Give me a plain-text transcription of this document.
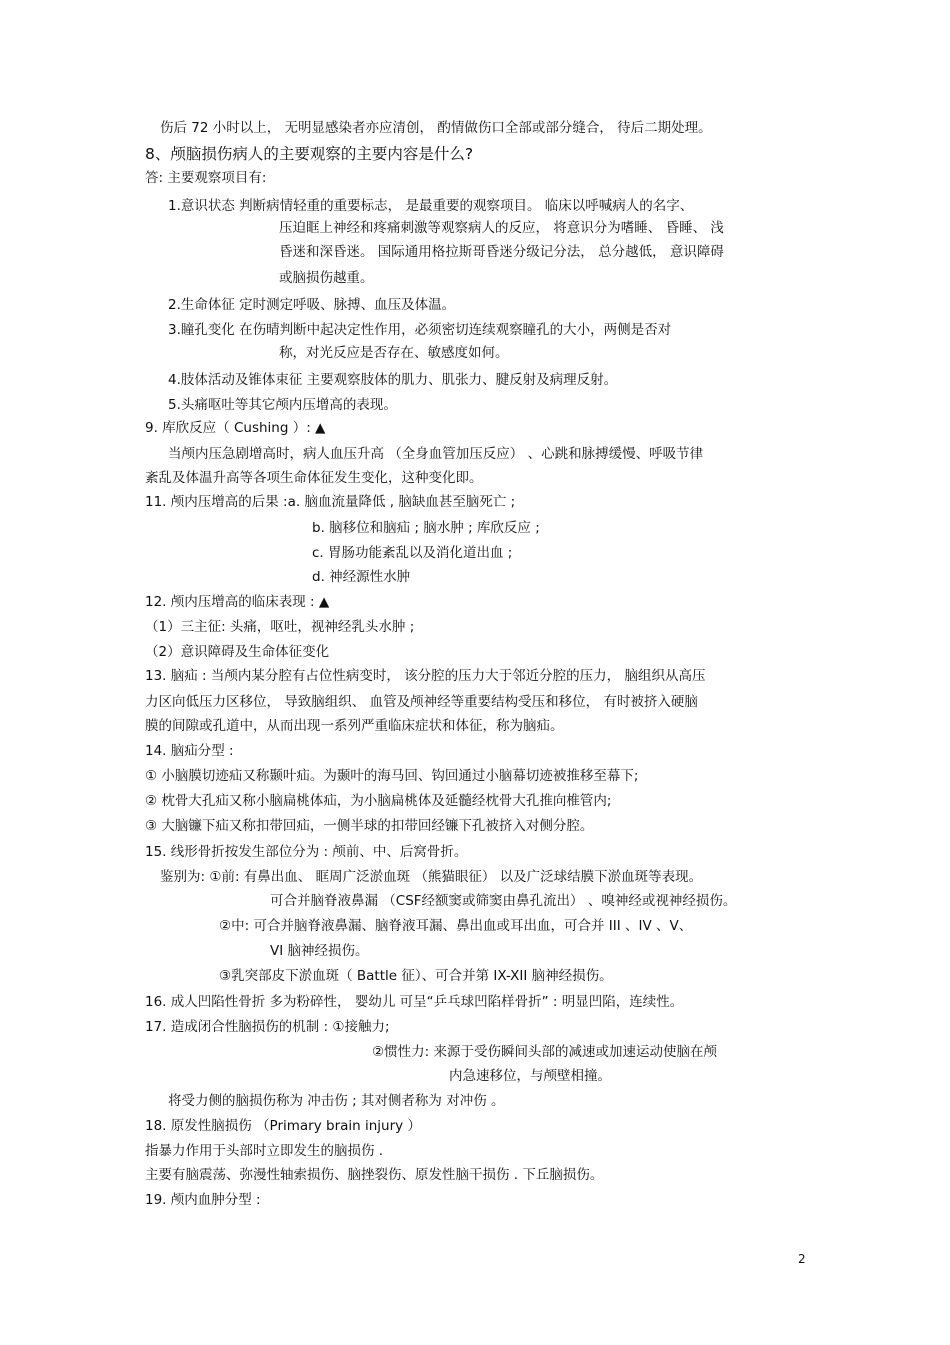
伤后 72 小时以上， 无明显感染者亦应清创， 酌情做伤口全部或部分缝合， 待后二期处理。
8、颅脑损伤病人的主要观察的主要内容是什么?
答: 主要观察项目有:
1.意识状态 判断病情轻重的重要标志， 是最重要的观察项目。 临床以呼喊病人的名字、
压迫眶上神经和疼痛刺激等观察病人的反应， 将意识分为嗜睡、 昏睡、 浅
昏迷和深昏迷。 国际通用格拉斯哥昏迷分级记分法， 总分越低， 意识障碍
或脑损伤越重。
2.生命体征 定时测定呼吸、脉搏、血压及体温。
3.瞳孔变化 在伤晴判断中起决定性作用，必须密切连续观察瞳孔的大小，两侧是否对
称，对光反应是否存在、敏感度如何。
4.肢体活动及锥体束征 主要观察肢体的肌力、肌张力、腱反射及病理反射。
5.头痛呕吐等其它颅内压增高的表现。
9. 库欣反应（ Cushing ）: ▲
当颅内压急剧增高时，病人血压升高 （全身血管加压反应） 、心跳和脉搏缓慢、呼吸节律
紊乱及体温升高等各项生命体征发生变化，这种变化即。
11. 颅内压增高的后果 :a. 脑血流量降低 , 脑缺血甚至脑死亡 ;
b. 脑移位和脑疝 ; 脑水肿 ; 库欣反应 ;
c. 胃肠功能紊乱以及消化道出血 ;
d. 神经源性水肿
12. 颅内压增高的临床表现 : ▲
（1）三主征: 头痛，呕吐，视神经乳头水肿 ;
（2）意识障碍及生命体征变化
13. 脑疝 : 当颅内某分腔有占位性病变时， 该分腔的压力大于邻近分腔的压力， 脑组织从高压
力区向低压力区移位， 导致脑组织、 血管及颅神经等重要结构受压和移位， 有时被挤入硬脑
膜的间隙或孔道中，从而出现一系列严重临床症状和体征，称为脑疝。
14. 脑疝分型 :
① 小脑膜切迹疝又称颞叶疝。为颞叶的海马回、钩回通过小脑幕切迹被推移至幕下;
② 枕骨大孔疝又称小脑扁桃体疝，为小脑扁桃体及延髓经枕骨大孔推向椎管内;
③ 大脑镰下疝又称扣带回疝，一侧半球的扣带回经镰下孔被挤入对侧分腔。
15. 线形骨折按发生部位分为 : 颅前、中、后窝骨折。
鉴别为: ①前: 有鼻出血、 眶周广泛淤血斑 （熊猫眼征） 以及广泛球结膜下淤血斑等表现。
可合并脑脊液鼻漏 （CSF经额窦或筛窦由鼻孔流出） 、嗅神经或视神经损伤。
②中: 可合并脑脊液鼻漏、脑脊液耳漏、鼻出血或耳出血，可合并 III 、IV 、V、
VI 脑神经损伤。
③乳突部皮下淤血斑（ Battle 征）、可合并第 IX-XII 脑神经损伤。
16. 成人凹陷性骨折 多为粉碎性， 婴幼儿 可呈“乒乓球凹陷样骨折” : 明显凹陷，连续性。
17. 造成闭合性脑损伤的机制 : ①接触力;
②惯性力: 来源于受伤瞬间头部的减速或加速运动使脑在颅
内急速移位，与颅壁相撞。
将受力侧的脑损伤称为 冲击伤 ; 其对侧者称为 对冲伤 。
18. 原发性脑损伤 （Primary brain injury ）
指暴力作用于头部时立即发生的脑损伤 .
主要有脑震荡、弥漫性轴索损伤、脑挫裂伤、原发性脑干损伤 . 下丘脑损伤。
19. 颅内血肿分型 :
2
